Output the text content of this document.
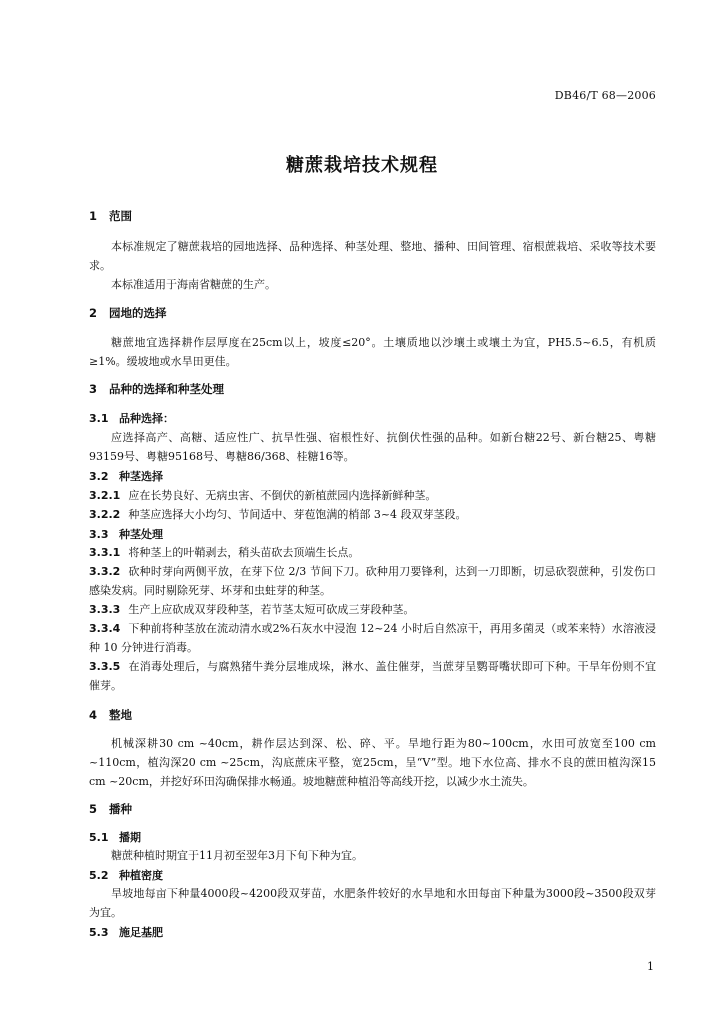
DB46/T 68—2006
糖蔗栽培技术规程
1 范围
本标准规定了糖蔗栽培的园地选择、品种选择、种茎处理、整地、播种、田间管理、宿根蔗栽培、采收等技术要求。
本标准适用于海南省糖蔗的生产。
2 园地的选择
糖蔗地宜选择耕作层厚度在25cm以上，坡度≤20°。土壤质地以沙壤土或壤土为宜，PH5.5~6.5，有机质≥1%。缓坡地或水旱田更佳。
3 品种的选择和种茎处理
3.1 品种选择：
应选择高产、高糖、适应性广、抗旱性强、宿根性好、抗倒伏性强的品种。如新台糖22号、新台糖25、粤糖93159号、粤糖95168号、粤糖86/368、桂糖16等。
3.2 种茎选择
3.2.1 应在长势良好、无病虫害、不倒伏的新植蔗园内选择新鲜种茎。
3.2.2 种茎应选择大小均匀、节间适中、芽苞饱满的梢部 3~4 段双芽茎段。
3.3 种茎处理
3.3.1 将种茎上的叶鞘剥去，稍头苗砍去顶端生长点。
3.3.2 砍种时芽向两侧平放，在芽下位 2/3 节间下刀。砍种用刀要锋利，达到一刀即断，切忌砍裂蔗种，引发伤口感染发病。同时剔除死芽、坏芽和虫蛀芽的种茎。
3.3.3 生产上应砍成双芽段种茎，若节茎太短可砍成三芽段种茎。
3.3.4 下种前将种茎放在流动清水或2%石灰水中浸泡 12~24 小时后自然凉干，再用多菌灵（或苯来特）水溶液浸种 10 分钟进行消毒。
3.3.5 在消毒处理后，与腐熟猪牛粪分层堆成垛，淋水、盖住催芽，当蔗芽呈鹦哥嘴状即可下种。干旱年份则不宜催芽。
4 整地
机械深耕30 cm ~40cm，耕作层达到深、松、碎、平。旱地行距为80~100cm，水田可放宽至100 cm ~110cm，植沟深20 cm ~25cm，沟底蔗床平整，宽25cm，呈“V”型。地下水位高、排水不良的蔗田植沟深15 cm ~20cm，并挖好环田沟确保排水畅通。坡地糖蔗种植沿等高线开挖，以减少水土流失。
5 播种
5.1 播期
糖蔗种植时期宜于11月初至翌年3月下旬下种为宜。
5.2 种植密度
旱坡地每亩下种量4000段~4200段双芽苗，水肥条件较好的水旱地和水田每亩下种量为3000段~3500段双芽为宜。
5.3 施足基肥
1
